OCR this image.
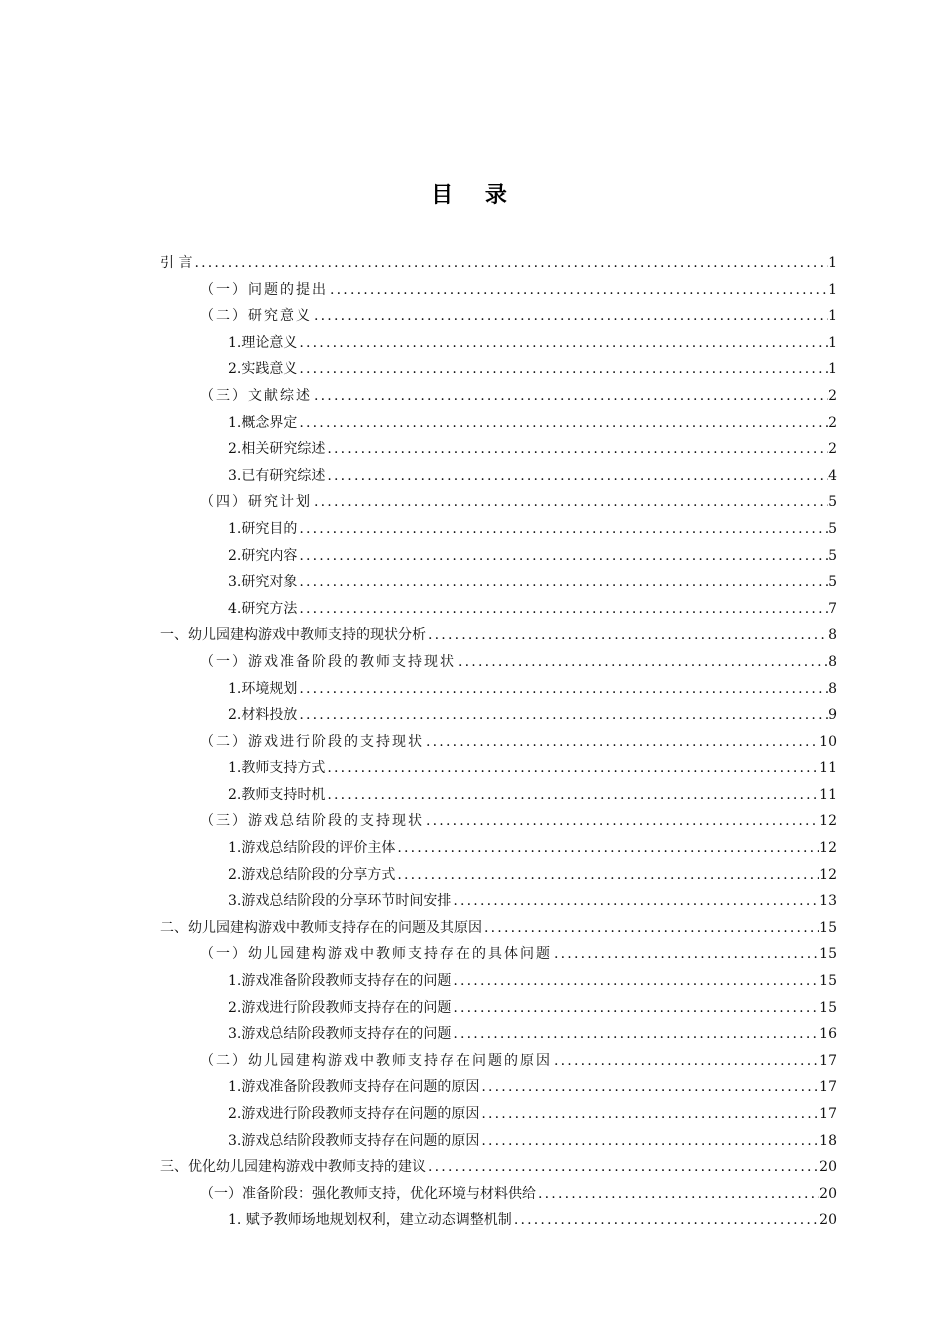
目 录
引 言 .....	1
（一）问题的提出 .....	1
（二）研究意义 .....	1
1.理论意义 .....	1
2.实践意义 .....	1
（三）文献综述 .....	2
1.概念界定 .....	2
2.相关研究综述 .....	2
3.已有研究综述 .....	4
（四）研究计划 .....	5
1.研究目的 .....	5
2.研究内容 .....	5
3.研究对象 .....	5
4.研究方法 .....	7
一、幼儿园建构游戏中教师支持的现状分析 .....	8
（一）游戏准备阶段的教师支持现状 .....	8
1.环境规划 .....	8
2.材料投放 .....	9
（二）游戏进行阶段的支持现状 .....	10
1.教师支持方式 .....	11
2.教师支持时机 .....	11
（三）游戏总结阶段的支持现状 .....	12
1.游戏总结阶段的评价主体 .....	12
2.游戏总结阶段的分享方式 .....	12
3.游戏总结阶段的分享环节时间安排 .....	13
二、幼儿园建构游戏中教师支持存在的问题及其原因 .....	15
（一）幼儿园建构游戏中教师支持存在的具体问题 .....	15
1.游戏准备阶段教师支持存在的问题 .....	15
2.游戏进行阶段教师支持存在的问题 .....	15
3.游戏总结阶段教师支持存在的问题 .....	16
（二）幼儿园建构游戏中教师支持存在问题的原因 .....	17
1.游戏准备阶段教师支持存在问题的原因 .....	17
2.游戏进行阶段教师支持存在问题的原因 .....	17
3.游戏总结阶段教师支持存在问题的原因 .....	18
三、优化幼儿园建构游戏中教师支持的建议 .....	20
（一）准备阶段：强化教师支持，优化环境与材料供给 .....	20
1. 赋予教师场地规划权利，建立动态调整机制 .....	20
